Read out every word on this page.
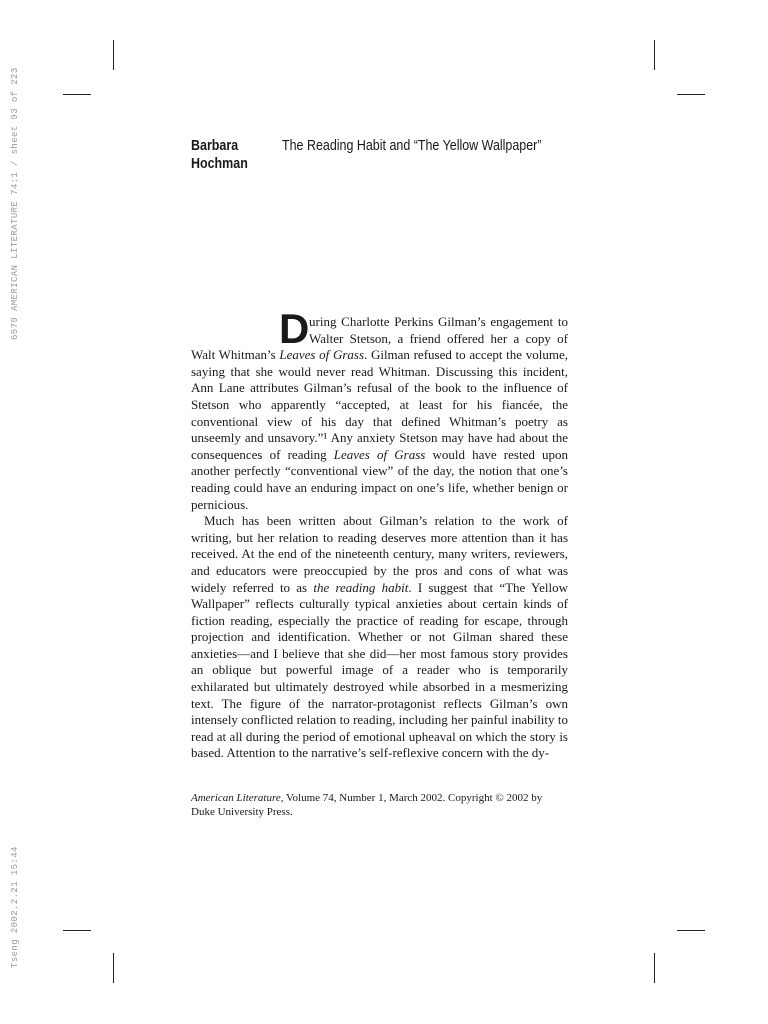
6579 AMERICAN LITERATURE 74:1 / sheet 93 of 223
Tseng 2002.2.21 15:44
Barbara
Hochman
The Reading Habit and “The Yellow Wallpaper”

During Charlotte Perkins Gilman’s engagement to Walter Stetson, a friend offered her a copy of Walt Whitman’s Leaves of Grass. Gilman refused to accept the volume, saying that she would never read Whitman. Discussing this incident, Ann Lane attributes Gilman’s refusal of the book to the influence of Stetson who apparently “accepted, at least for his fiancée, the conventional view of his day that defined Whitman’s poetry as unseemly and unsavory.”¹ Any anxiety Stetson may have had about the consequences of reading Leaves of Grass would have rested upon another perfectly “conventional view” of the day, the notion that one’s reading could have an enduring impact on one’s life, whether benign or pernicious.

Much has been written about Gilman’s relation to the work of writing, but her relation to reading deserves more attention than it has received. At the end of the nineteenth century, many writers, reviewers, and educators were preoccupied by the pros and cons of what was widely referred to as the reading habit. I suggest that “The Yellow Wallpaper” reflects culturally typical anxieties about certain kinds of fiction reading, especially the practice of reading for escape, through projection and identification. Whether or not Gilman shared these anxieties—and I believe that she did—her most famous story provides an oblique but powerful image of a reader who is temporarily exhilarated but ultimately destroyed while absorbed in a mesmerizing text. The figure of the narrator-protagonist reflects Gilman’s own intensely conflicted relation to reading, including her painful inability to read at all during the period of emotional upheaval on which the story is based. Attention to the narrative’s self-reflexive concern with the dy-

American Literature, Volume 74, Number 1, March 2002. Copyright © 2002 by Duke University Press.
